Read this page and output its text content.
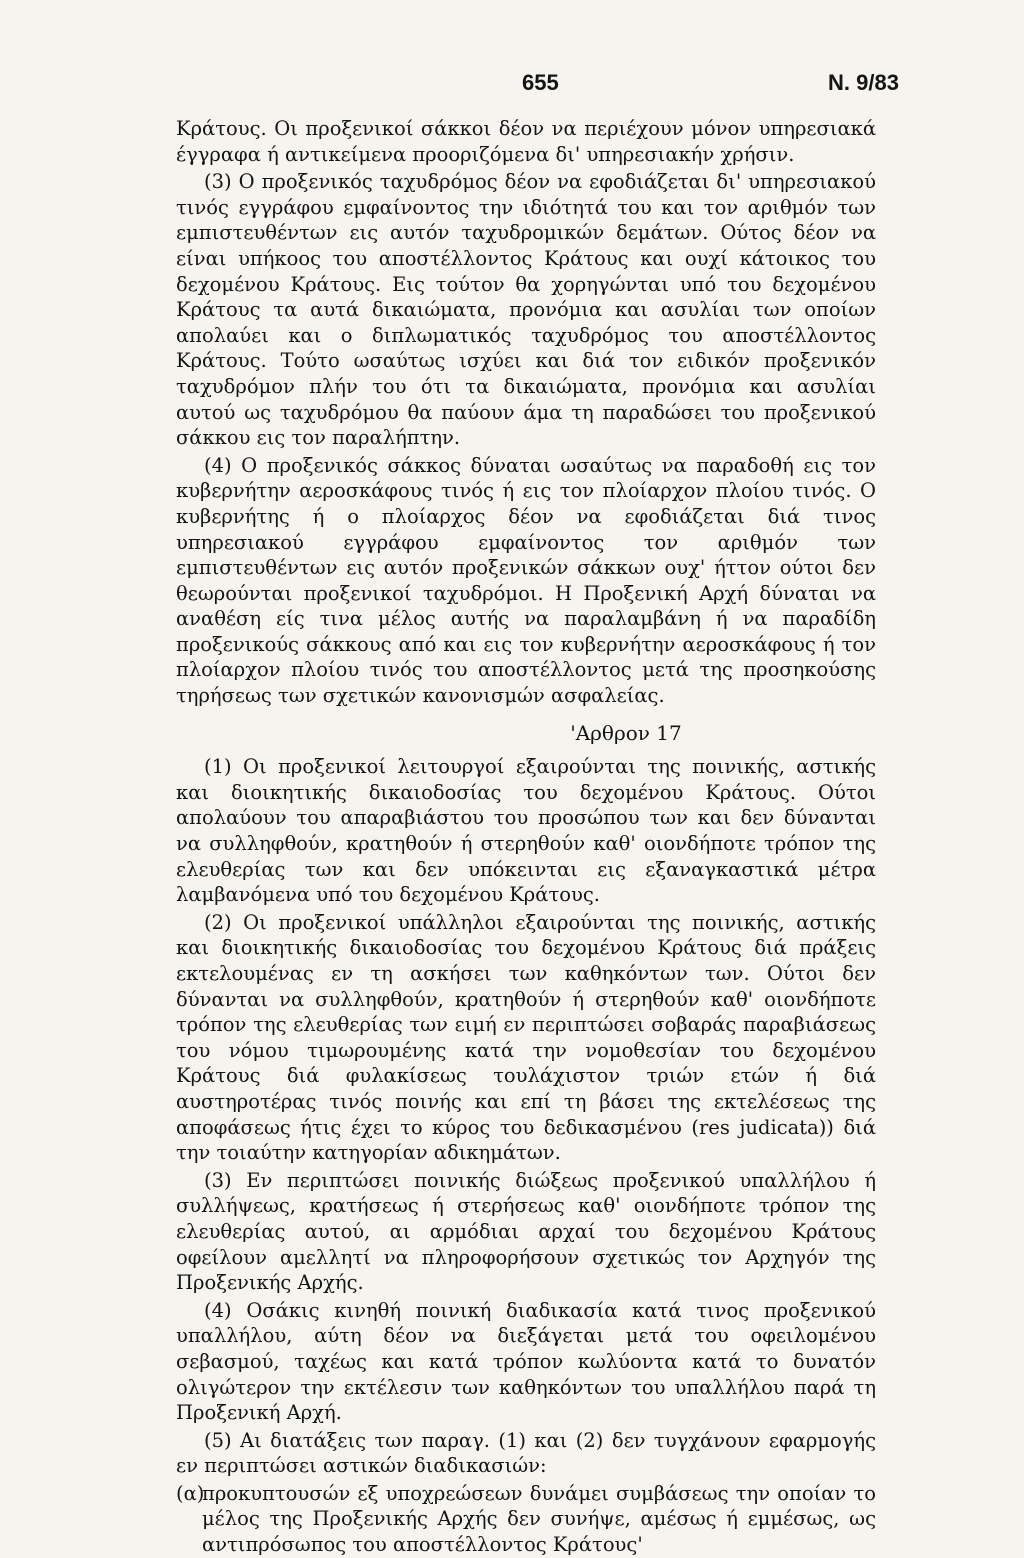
655	Ν. 9/83

Κράτους. Οι προξενικοί σάκκοι δέον να περιέχουν μόνον υπηρεσιακά έγγραφα ή αντικείμενα προοριζόμενα δι' υπηρεσιακήν χρήσιν.

(3) Ο προξενικός ταχυδρόμος δέον να εφοδιάζεται δι' υπηρεσιακού τινός εγγράφου εμφαίνοντος την ιδιότητά του και τον αριθμόν των εμπιστευθέντων εις αυτόν ταχυδρομικών δεμάτων. Ούτος δέον να είναι υπήκοος του αποστέλλοντος Κράτους και ουχί κάτοικος του δεχομένου Κράτους. Εις τούτον θα χορηγώνται υπό του δεχομένου Κράτους τα αυτά δικαιώματα, προνόμια και ασυλίαι των οποίων απολαύει και ο διπλωματικός ταχυδρόμος του αποστέλλοντος Κράτους. Τούτο ωσαύτως ισχύει και διά τον ειδικόν προξενικόν ταχυδρόμον πλήν του ότι τα δικαιώματα, προνόμια και ασυλίαι αυτού ως ταχυδρόμου θα παύουν άμα τη παραδώσει του προξενικού σάκκου εις τον παραλήπτην.

(4) Ο προξενικός σάκκος δύναται ωσαύτως να παραδοθή εις τον κυβερνήτην αεροσκάφους τινός ή εις τον πλοίαρχον πλοίου τινός. Ο κυβερνήτης ή ο πλοίαρχος δέον να εφοδιάζεται διά τινος υπηρεσιακού εγγράφου εμφαίνοντος τον αριθμόν των εμπιστευθέντων εις αυτόν προξενικών σάκκων ουχ' ήττον ούτοι δεν θεωρούνται προξενικοί ταχυδρόμοι. Η Προξενική Αρχή δύναται να αναθέση είς τινα μέλος αυτής να παραλαμβάνη ή να παραδίδη προξενικούς σάκκους από και εις τον κυβερνήτην αεροσκάφους ή τον πλοίαρχον πλοίου τινός του αποστέλλοντος μετά της προσηκούσης τηρήσεως των σχετικών κανονισμών ασφαλείας.

'Αρθρον 17

(1) Οι προξενικοί λειτουργοί εξαιρούνται της ποινικής, αστικής και διοικητικής δικαιοδοσίας του δεχομένου Κράτους. Ούτοι απολαύουν του απαραβιάστου του προσώπου των και δεν δύνανται να συλληφθούν, κρατηθούν ή στερηθούν καθ' οιονδήποτε τρόπον της ελευθερίας των και δεν υπόκεινται εις εξαναγκαστικά μέτρα λαμβανόμενα υπό του δεχομένου Κράτους.

(2) Οι προξενικοί υπάλληλοι εξαιρούνται της ποινικής, αστικής και διοικητικής δικαιοδοσίας του δεχομένου Κράτους διά πράξεις εκτελουμένας εν τη ασκήσει των καθηκόντων των. Ούτοι δεν δύνανται να συλληφθούν, κρατηθούν ή στερηθούν καθ' οιονδήποτε τρόπον της ελευθερίας των ειμή εν περιπτώσει σοβαράς παραβιάσεως του νόμου τιμωρουμένης κατά την νομοθεσίαν του δεχομένου Κράτους διά φυλακίσεως τουλάχιστον τριών ετών ή διά αυστηροτέρας τινός ποινής και επί τη βάσει της εκτελέσεως της αποφάσεως ήτις έχει το κύρος του δεδικασμένου (res judicata)) διά την τοιαύτην κατηγορίαν αδικημάτων.

(3) Εν περιπτώσει ποινικής διώξεως προξενικού υπαλλήλου ή συλλήψεως, κρατήσεως ή στερήσεως καθ' οιονδήποτε τρόπον της ελευθερίας αυτού, αι αρμόδιαι αρχαί του δεχομένου Κράτους οφείλουν αμελλητί να πληροφορήσουν σχετικώς τον Αρχηγόν της Προξενικής Αρχής.

(4) Οσάκις κινηθή ποινική διαδικασία κατά τινος προξενικού υπαλλήλου, αύτη δέον να διεξάγεται μετά του οφειλομένου σεβασμού, ταχέως και κατά τρόπον κωλύοντα κατά το δυνατόν ολιγώτερον την εκτέλεσιν των καθηκόντων του υπαλλήλου παρά τη Προξενική Αρχή.

(5) Αι διατάξεις των παραγ. (1) και (2) δεν τυγχάνουν εφαρμογής εν περιπτώσει αστικών διαδικασιών:

(α)προκυπτουσών εξ υποχρεώσεων δυνάμει συμβάσεως την οποίαν το μέλος της Προξενικής Αρχής δεν συνήψε, αμέσως ή εμμέσως, ως αντιπρόσωπος του αποστέλλοντος Κράτους'
